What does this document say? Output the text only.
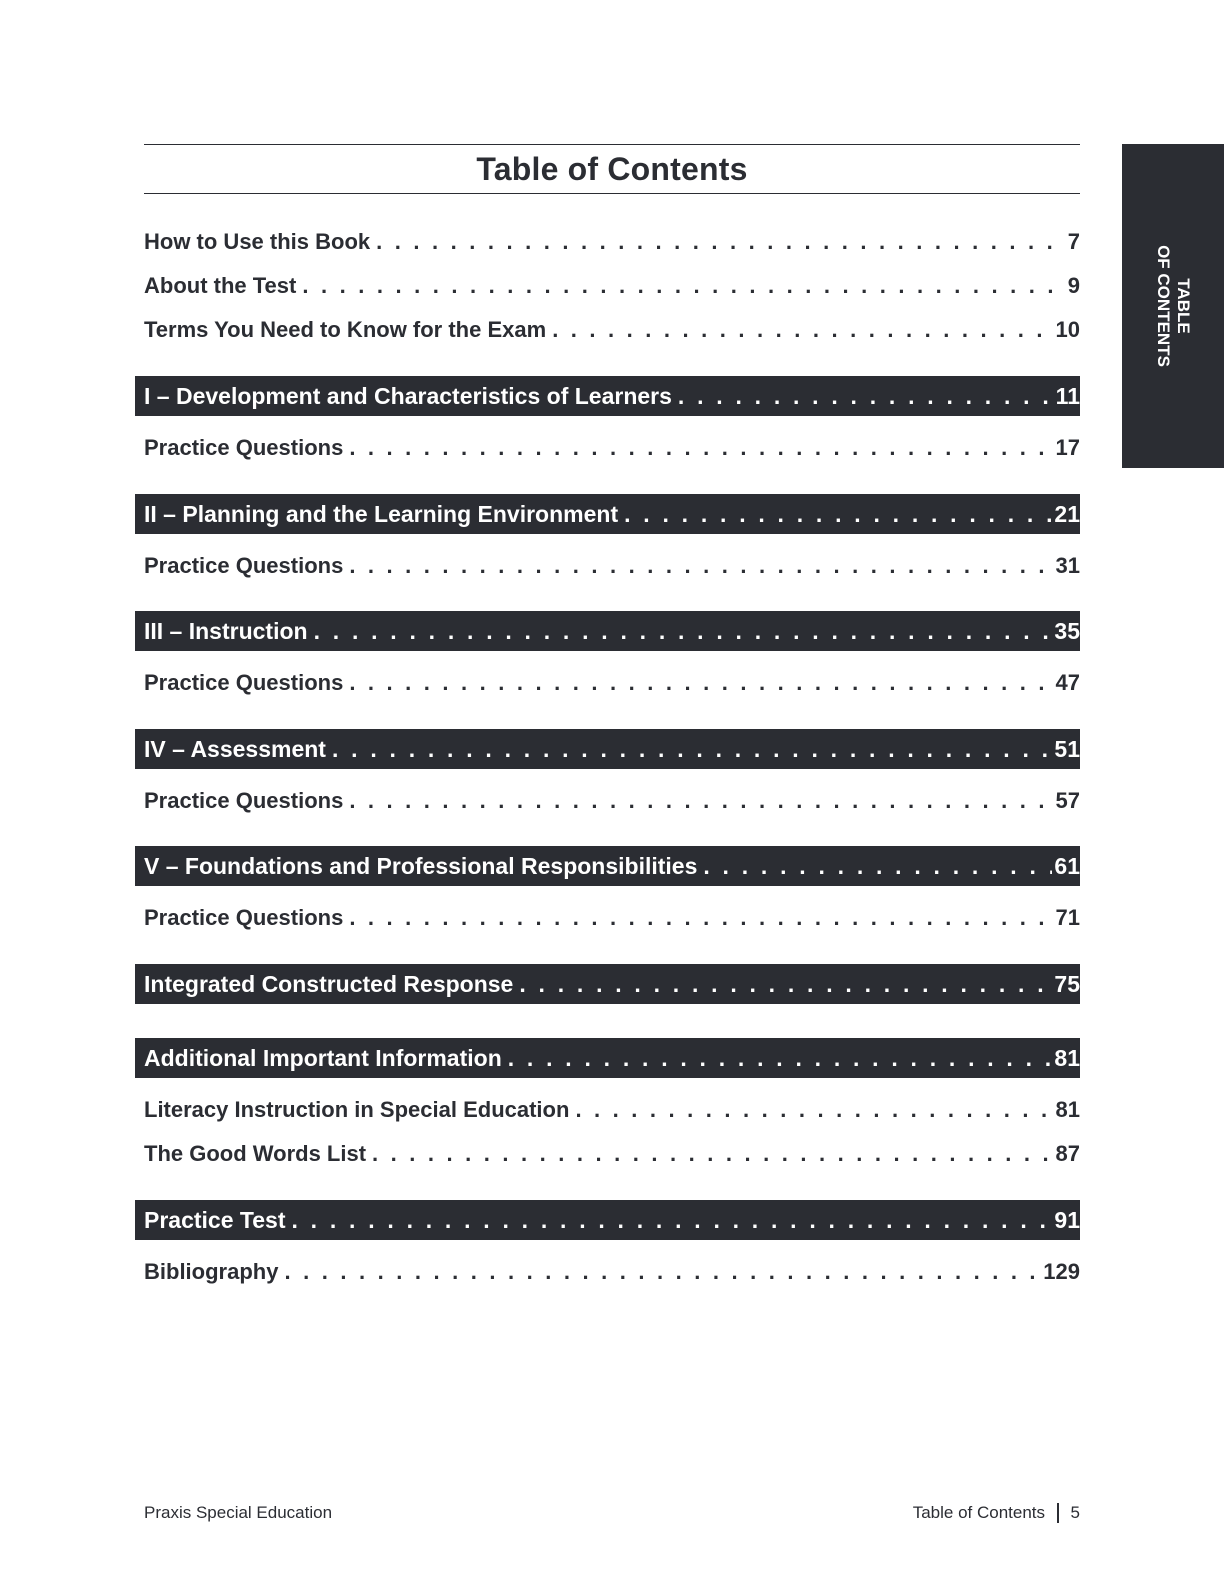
Table of Contents
TABLE
OF CONTENTS
How to Use this Book . . .	7
About the Test . . .	9
Terms You Need to Know for the Exam . . .	10
I – Development and Characteristics of Learners . . .	11
Practice Questions . . .	17
II – Planning and the Learning Environment . . .	21
Practice Questions . . .	31
III – Instruction . . .	35
Practice Questions . . .	47
IV – Assessment . . .	51
Practice Questions . . .	57
V – Foundations and Professional Responsibilities . . .	61
Practice Questions . . .	71
Integrated Constructed Response . . .	75
Additional Important Information . . .	81
Literacy Instruction in Special Education . . .	81
The Good Words List . . .	87
Practice Test . . .	91
Bibliography . . .	129
Praxis Special Education	Table of Contents 5
